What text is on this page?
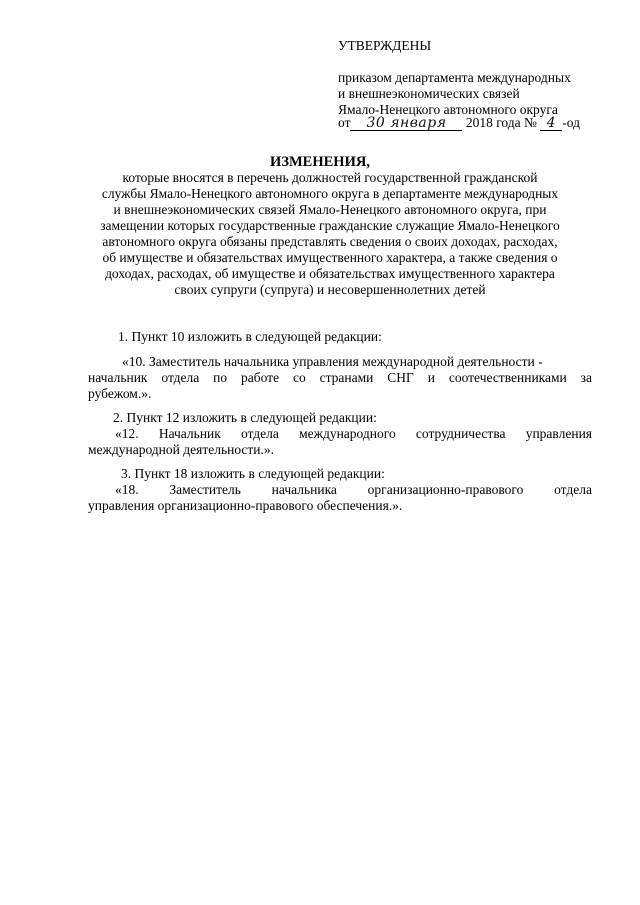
УТВЕРЖДЕНЫ
приказом департамента международных
и внешнеэкономических связей
Ямало-Ненецкого автономного округа
от 30 января 2018 года № 4 -од
ИЗМЕНЕНИЯ,
которые вносятся в перечень должностей государственной гражданской
службы Ямало-Ненецкого автономного округа в департаменте международных
и внешнеэкономических связей Ямало-Ненецкого автономного округа, при
замещении которых государственные гражданские служащие Ямало-Ненецкого
автономного округа обязаны представлять сведения о своих доходах, расходах,
об имуществе и обязательствах имущественного характера, а также сведения о
доходах, расходах, об имуществе и обязательствах имущественного характера
своих супруги (супруга) и несовершеннолетних детей
1. Пункт 10 изложить в следующей редакции:
«10. Заместитель начальника управления международной деятельности -
начальник отдела по работе со странами СНГ и соотечественниками за
рубежом.».
2. Пункт 12 изложить в следующей редакции:
«12. Начальник отдела международного сотрудничества управления
международной деятельности.».
3. Пункт 18 изложить в следующей редакции:
«18. Заместитель начальника организационно-правового отдела
управления организационно-правового обеспечения.».
